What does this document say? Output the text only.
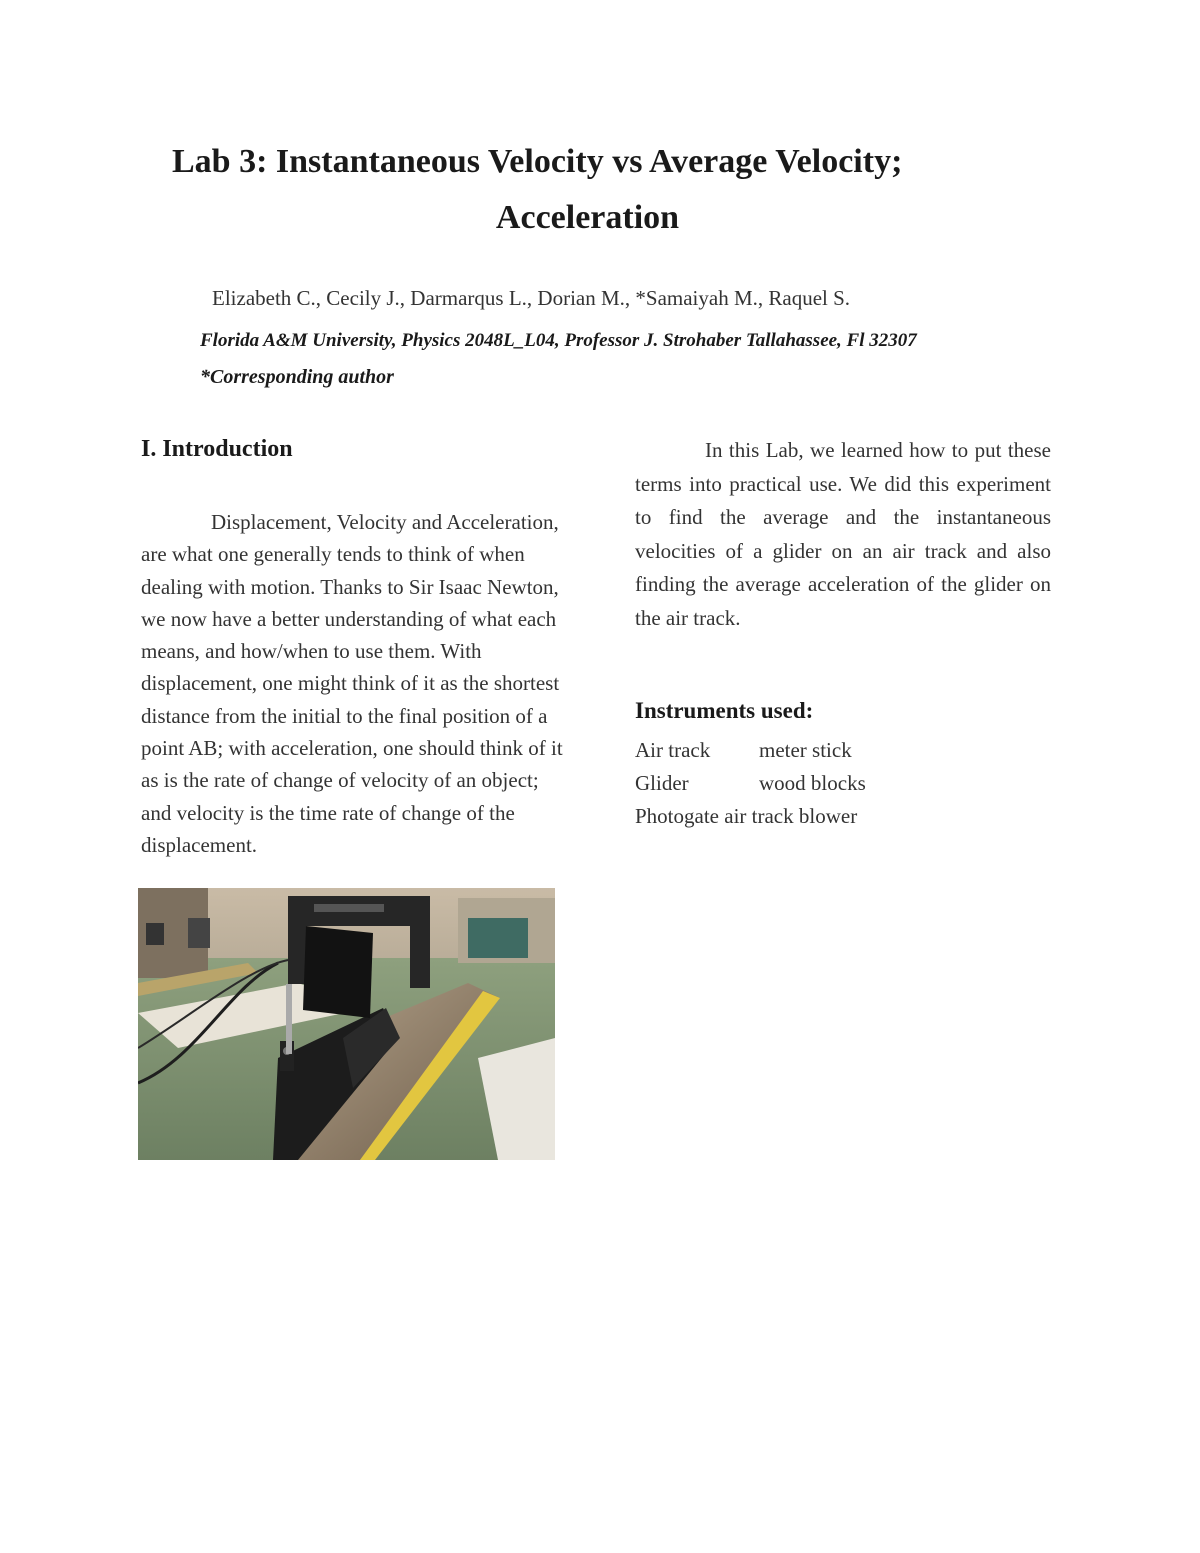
Lab 3: Instantaneous Velocity vs Average Velocity;
Acceleration
Elizabeth C., Cecily J., Darmarqus L., Dorian M., *Samaiyah M., Raquel S.
Florida A&M University, Physics 2048L_L04, Professor J. Strohaber Tallahassee, Fl 32307
*Corresponding author
I. Introduction
Displacement, Velocity and Acceleration, are what one generally tends to think of when dealing with motion. Thanks to Sir Isaac Newton, we now have a better understanding of what each means, and how/when to use them. With displacement, one might think of it as the shortest distance from the initial to the final position of a point AB; with acceleration, one should think of it as is the rate of change of velocity of an object; and velocity is the time rate of change of the displacement.
In this Lab, we learned how to put these terms into practical use. We did this experiment to find the average and the instantaneous velocities of a glider on an air track and also finding the average acceleration of the glider on the air track.
Instruments used:
Air track meter stick
Glider	wood blocks
Photogate air track blower
